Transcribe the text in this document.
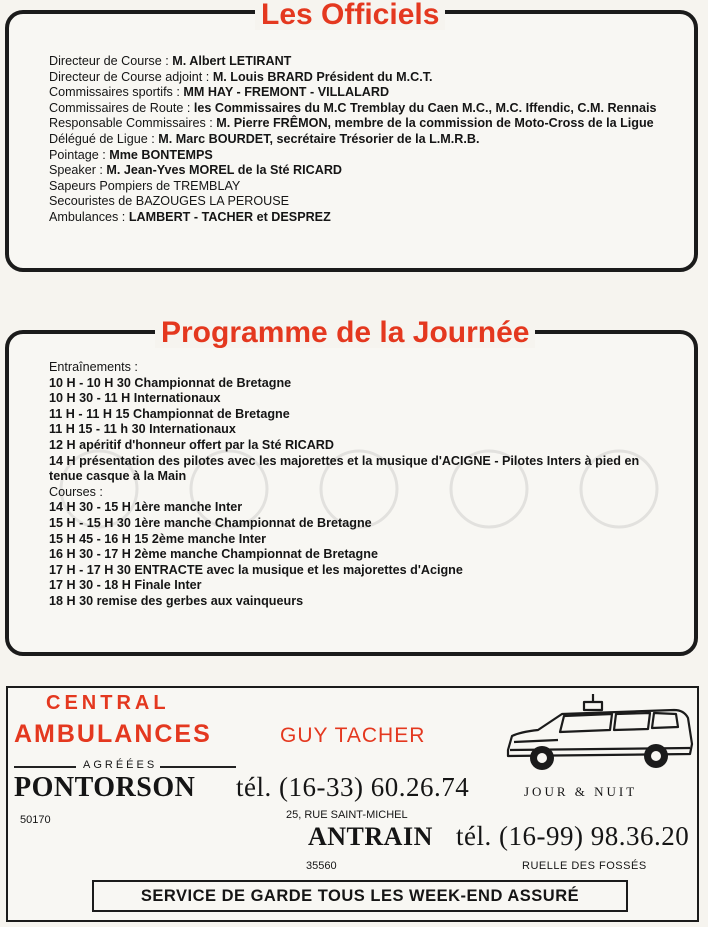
Les Officiels
Directeur de Course : M. Albert LETIRANT
Directeur de Course adjoint : M. Louis BRARD Président du M.C.T.
Commissaires sportifs : MM HAY - FREMONT - VILLALARD
Commissaires de Route : les Commissaires du M.C Tremblay du Caen M.C., M.C. Iffendic, C.M. Rennais
Responsable Commissaires : M. Pierre FRÊMON, membre de la commission de Moto-Cross de la Ligue
Délégué de Ligue : M. Marc BOURDET, secrétaire Trésorier de la L.M.R.B.
Pointage : Mme BONTEMPS
Speaker : M. Jean-Yves MOREL de la Sté RICARD
Sapeurs Pompiers de TREMBLAY
Secouristes de BAZOUGES LA PEROUSE
Ambulances : LAMBERT - TACHER et DESPREZ
Programme de la Journée
Entraînements :
10 H - 10 H 30 Championnat de Bretagne
10 H 30 - 11 H Internationaux
11 H - 11 H 15 Championnat de Bretagne
11 H 15 - 11 h 30 Internationaux
12 H apéritif d'honneur offert par la Sté RICARD
14 H présentation des pilotes avec les majorettes et la musique d'ACIGNE - Pilotes Inters à pied en tenue casque à la Main
Courses :
14 H 30 - 15 H 1ère manche Inter
15 H - 15 H 30 1ère manche Championnat de Bretagne
15 H 45 - 16 H 15 2ème manche Inter
16 H 30 - 17 H 2ème manche Championnat de Bretagne
17 H - 17 H 30 ENTRACTE avec la musique et les majorettes d'Acigne
17 H 30 - 18 H Finale Inter
18 H 30 remise des gerbes aux vainqueurs
CENTRAL
AMBULANCES	GUY TACHER
AGRÉÉES
PONTORSON tél. (16-33) 60.26.74	JOUR & NUIT
50170	25, RUE SAINT-MICHEL
ANTRAIN tél. (16-99) 98.36.20
35560	RUELLE DES FOSSÉS
SERVICE DE GARDE TOUS LES WEEK-END ASSURÉ
